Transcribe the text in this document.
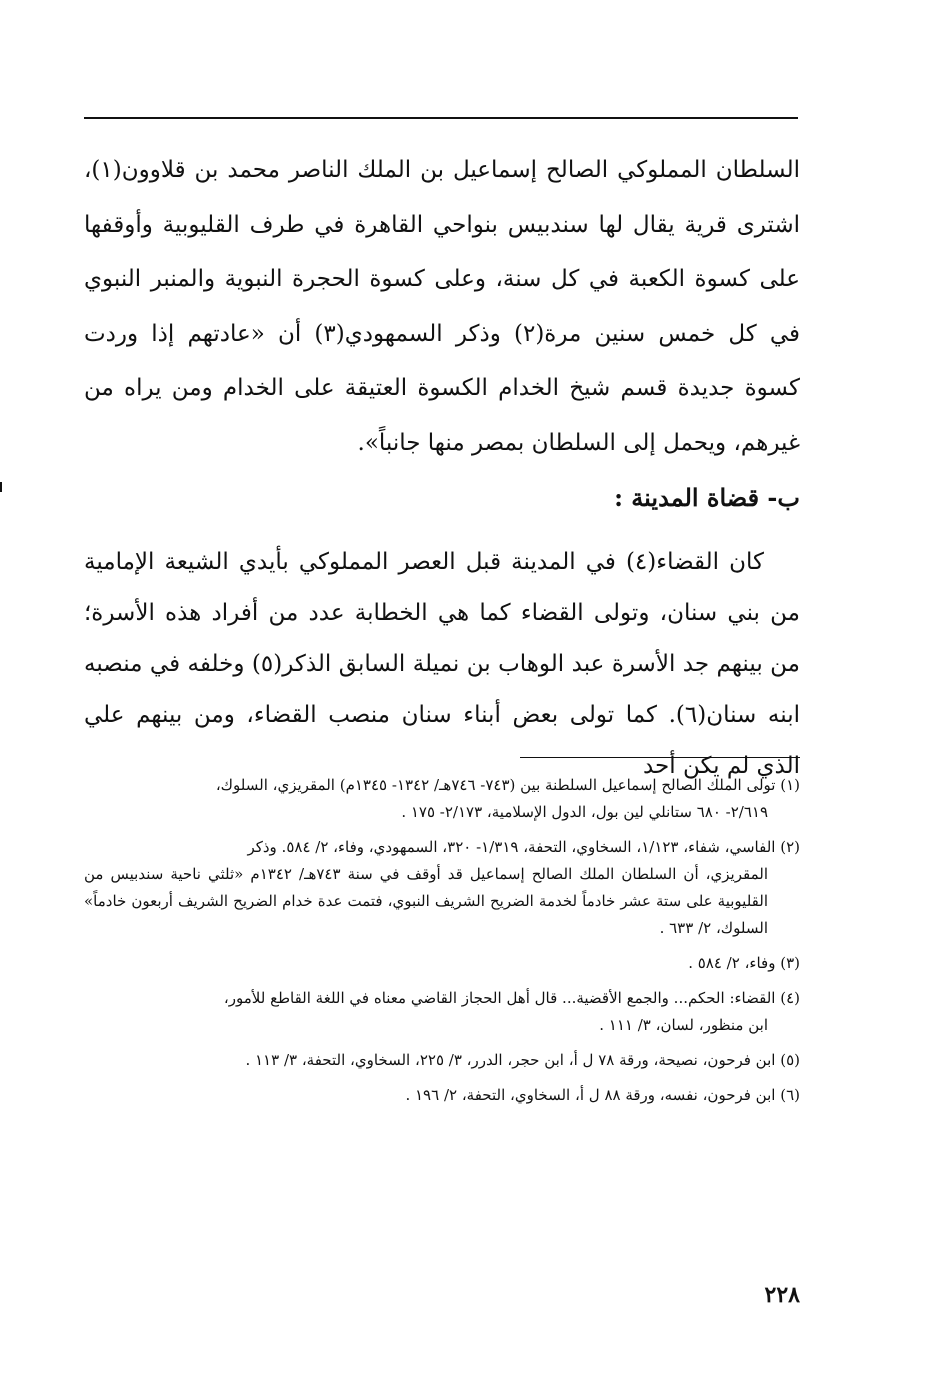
السلطان المملوكي الصالح إسماعيل بن الملك الناصر محمد بن قلاوون(١)، اشترى قرية يقال لها سندبيس بنواحي القاهرة في طرف القليوبية وأوقفها على كسوة الكعبة في كل سنة، وعلى كسوة الحجرة النبوية والمنبر النبوي في كل خمس سنين مرة(٢) وذكر السمهودي(٣) أن «عادتهم إذا وردت كسوة جديدة قسم شيخ الخدام الكسوة العتيقة على الخدام ومن يراه من غيرهم، ويحمل إلى السلطان بمصر منها جانباً».

ب- قضاة المدينة :
كان القضاء(٤) في المدينة قبل العصر المملوكي بأيدي الشيعة الإمامية من بني سنان، وتولى القضاء كما هي الخطابة عدد من أفراد هذه الأسرة؛ من بينهم جد الأسرة عبد الوهاب بن نميلة السابق الذكر(٥) وخلفه في منصبه ابنه سنان(٦). كما تولى بعض أبناء سنان منصب القضاء، ومن بينهم علي الذي لم يكن أحد
(١) تولى الملك الصالح إسماعيل السلطنة بين (٧٤٣- ٧٤٦هـ/ ١٣٤٢- ١٣٤٥م) المقريزي، السلوك،
٢/٦١٩- ٦٨٠ ستانلي لين بول، الدول الإسلامية، ٢/١٧٣- ١٧٥ .
(٢) الفاسي، شفاء، ١/١٢٣، السخاوي، التحفة، ١/٣١٩- ٣٢٠، السمهودي، وفاء، ٢/ ٥٨٤. وذكر
المقريزي، أن السلطان الملك الصالح إسماعيل قد أوقف في سنة ٧٤٣هـ/ ١٣٤٢م «ثلثي ناحية سندبيس من القليوبية على ستة عشر خادماً لخدمة الضريح الشريف النبوي، فتمت عدة خدام الضريح الشريف أربعون خادماً» السلوك، ٢/ ٦٣٣ .
(٣) وفاء، ٢/ ٥٨٤ .
(٤) القضاء: الحكم... والجمع الأقضية... قال أهل الحجاز القاضي معناه في اللغة القاطع للأمور،
ابن منظور، لسان، ٣/ ١١١ .
(٥) ابن فرحون، نصيحة، ورقة ٧٨ ل أ، ابن حجر، الدرر، ٣/ ٢٢٥، السخاوي، التحفة، ٣/ ١١٣ .
(٦) ابن فرحون، نفسه، ورقة ٨٨ ل أ، السخاوي، التحفة، ٢/ ١٩٦ .
٢٢٨
